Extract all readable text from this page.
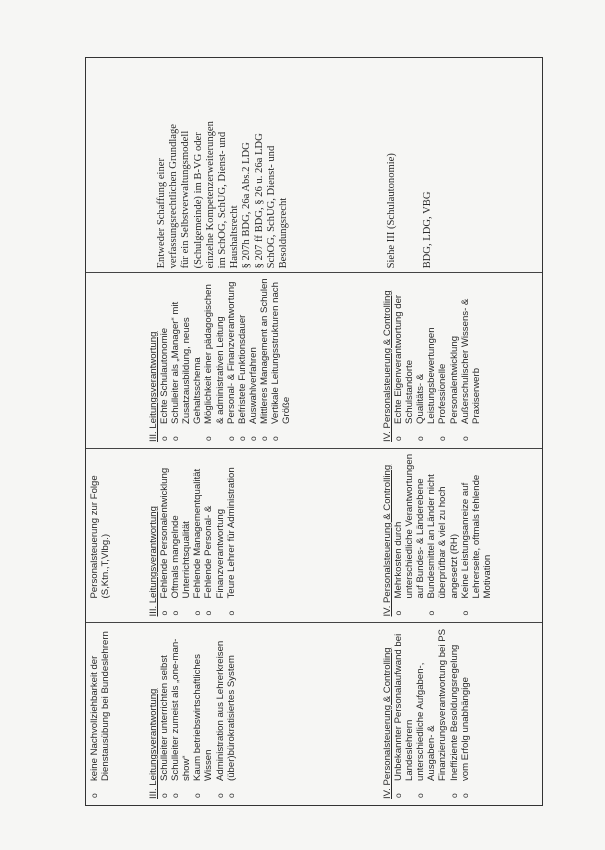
o keine Nachvollziehbarkeit der Dienstausübung bei Bundeslehrern	III. Leitungsverantwortung o Schulleiter unterrichten selbst o Schulleiter zumeist als „one-man-show“ o Kaum betriebswirtschaftliches Wissen o Administration aus Lehrerkreisen o (über)bürokratisiertes System	IV. Personalsteuerung & Controlling o Unbekannter Personalaufwand bei Landeslehrern o unterschiedliche Aufgaben-, Ausgaben- & Finanzierungsverantwortung bei PS o Ineffiziente Besoldungsregelung o vom Erfolg unabhängige
Personalsteuerung zur Folge (S,Ktn.,T,Vlbg.)	III. Leitungsverantwortung o Fehlende Personalentwicklung o Oftmals mangelnde Unterrichtsqualität o Fehlende Managementqualität o Fehlende Personal- & Finanzverantwortung o Teure Lehrer für Administration	IV. Personalsteuerung & Controlling o Mehrkosten durch unterschiedliche Verantwortungen auf Bundes- & Länderebene o Bundesmittel an Länder nicht überprüfbar & viel zu hoch angesetzt (RH) o Keine Leistungsanreize auf Lehrerseite, oftmals fehlende Motivation
III. Leitungsverantwortung o Echte Schulautonomie o Schulleiter als „Manager“ mit Zusatzausbildung, neues Gehaltsschema o Möglichkeit einer pädagogischen & administrativen Leitung o Personal- & Finanzverantwortung o Befristete Funktionsdauer o Auswahlverfahren o Mittleres Management an Schulen o Vertikale Leitungsstrukturen nach Größe	IV. Personalsteuerung & Controlling o Echte Eigenverantwortung der Schulstandorte o Qualitäts- & Leistungsbewertungen o Professionelle Personalentwicklung o Außerschulischer Wissens- & Praxiserwerb
Entweder Schaffung einer verfassungsrechtlichen Grundlage für ein Selbstverwaltungsmodell (Schulgemeinde) im B-VG oder einzelne Kompetenzerweiterungen im SchOG, SchUG, Dienst- und Haushaltsrecht § 207h BDG, 26a Abs.2 LDG § 207 ff BDG, § 26 u. 26a LDG SchOG, SchUG, Dienst- und Besoldungsrecht	Siehe III (Schulautonomie) BDG, LDG, VBG
